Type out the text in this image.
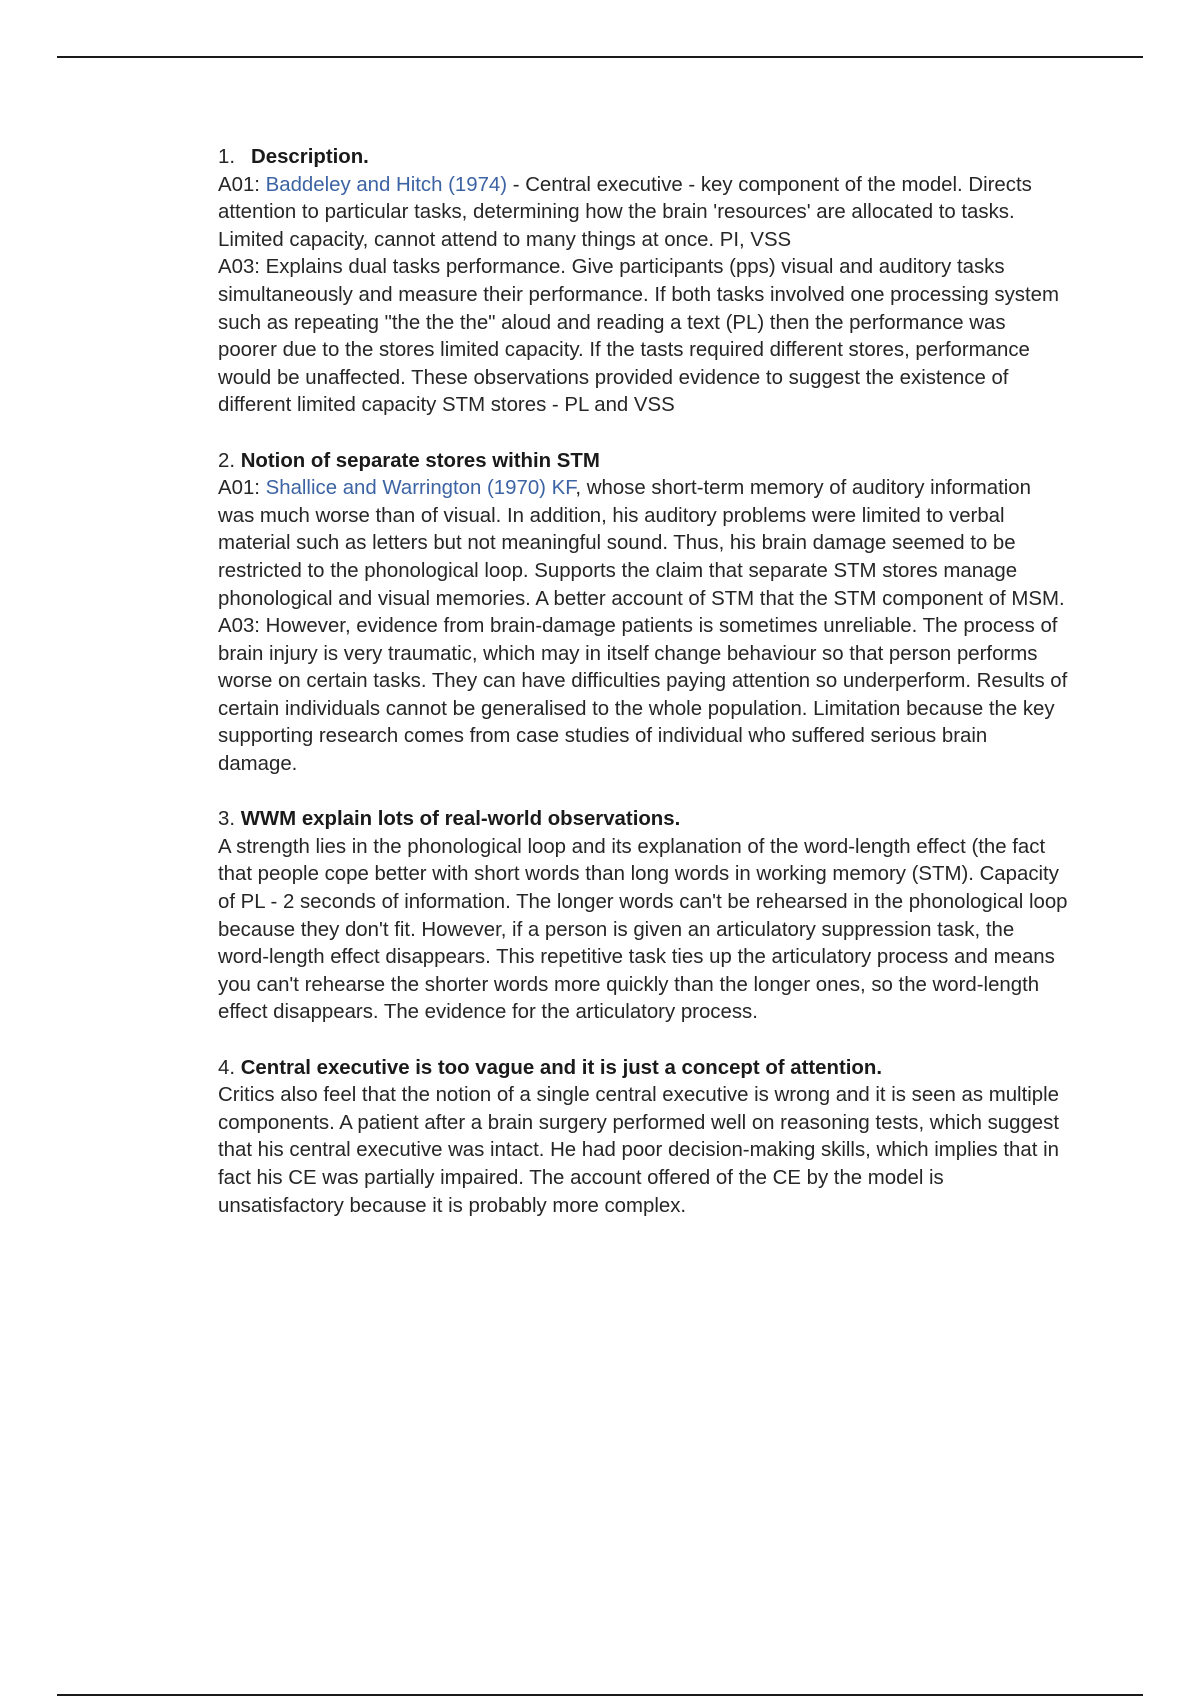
1. Description.

A01: Baddeley and Hitch (1974) - Central executive - key component of the model. Directs attention to particular tasks, determining how the brain 'resources' are allocated to tasks. Limited capacity, cannot attend to many things at once. PI, VSS

A03: Explains dual tasks performance. Give participants (pps) visual and auditory tasks simultaneously and measure their performance. If both tasks involved one processing system such as repeating "the the the" aloud and reading a text (PL) then the performance was poorer due to the stores limited capacity. If the tasts required different stores, performance would be unaffected. These observations provided evidence to suggest the existence of different limited capacity STM stores - PL and VSS

2. Notion of separate stores within STM

A01: Shallice and Warrington (1970) KF, whose short-term memory of auditory information was much worse than of visual. In addition, his auditory problems were limited to verbal material such as letters but not meaningful sound. Thus, his brain damage seemed to be restricted to the phonological loop. Supports the claim that separate STM stores manage phonological and visual memories. A better account of STM that the STM component of MSM.

A03: However, evidence from brain-damage patients is sometimes unreliable. The process of brain injury is very traumatic, which may in itself change behaviour so that person performs worse on certain tasks. They can have difficulties paying attention so underperform. Results of certain individuals cannot be generalised to the whole population. Limitation because the key supporting research comes from case studies of individual who suffered serious brain damage.

3. WWM explain lots of real-world observations.

A strength lies in the phonological loop and its explanation of the word-length effect (the fact that people cope better with short words than long words in working memory (STM). Capacity of PL - 2 seconds of information. The longer words can't be rehearsed in the phonological loop because they don't fit. However, if a person is given an articulatory suppression task, the word-length effect disappears. This repetitive task ties up the articulatory process and means you can't rehearse the shorter words more quickly than the longer ones, so the word-length effect disappears. The evidence for the articulatory process.

4. Central executive is too vague and it is just a concept of attention.

Critics also feel that the notion of a single central executive is wrong and it is seen as multiple components. A patient after a brain surgery performed well on reasoning tests, which suggest that his central executive was intact. He had poor decision-making skills, which implies that in fact his CE was partially impaired. The account offered of the CE by the model is unsatisfactory because it is probably more complex.
